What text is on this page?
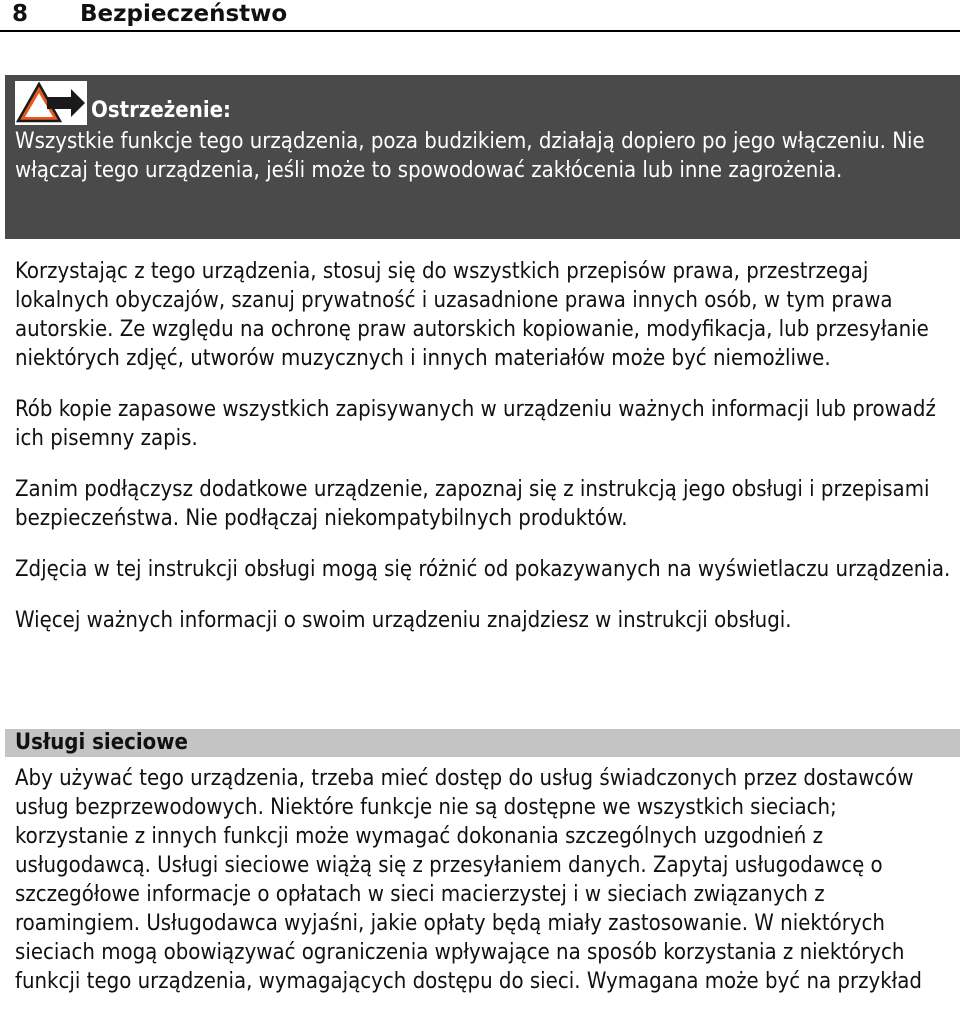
8 Bezpieczeństwo
Ostrzeżenie:

Wszystkie funkcje tego urządzenia, poza budzikiem, działają dopiero po jego włączeniu. Nie włączaj tego urządzenia, jeśli może to spowodować zakłócenia lub inne zagrożenia.

Korzystając z tego urządzenia, stosuj się do wszystkich przepisów prawa, przestrzegaj lokalnych obyczajów, szanuj prywatność i uzasadnione prawa innych osób, w tym prawa autorskie. Ze względu na ochronę praw autorskich kopiowanie, modyfikacja, lub przesyłanie niektórych zdjęć, utworów muzycznych i innych materiałów może być niemożliwe.

Rób kopie zapasowe wszystkich zapisywanych w urządzeniu ważnych informacji lub prowadź ich pisemny zapis.

Zanim podłączysz dodatkowe urządzenie, zapoznaj się z instrukcją jego obsługi i przepisami bezpieczeństwa. Nie podłączaj niekompatybilnych produktów.

Zdjęcia w tej instrukcji obsługi mogą się różnić od pokazywanych na wyświetlaczu urządzenia.

Więcej ważnych informacji o swoim urządzeniu znajdziesz w instrukcji obsługi.

Usługi sieciowe

Aby używać tego urządzenia, trzeba mieć dostęp do usług świadczonych przez dostawców usług bezprzewodowych. Niektóre funkcje nie są dostępne we wszystkich sieciach; korzystanie z innych funkcji może wymagać dokonania szczególnych uzgodnień z usługodawcą. Usługi sieciowe wiążą się z przesyłaniem danych. Zapytaj usługodawcę o szczegółowe informacje o opłatach w sieci macierzystej i w sieciach związanych z roamingiem. Usługodawca wyjaśni, jakie opłaty będą miały zastosowanie. W niektórych sieciach mogą obowiązywać ograniczenia wpływające na sposób korzystania z niektórych funkcji tego urządzenia, wymagających dostępu do sieci. Wymagana może być na przykład
